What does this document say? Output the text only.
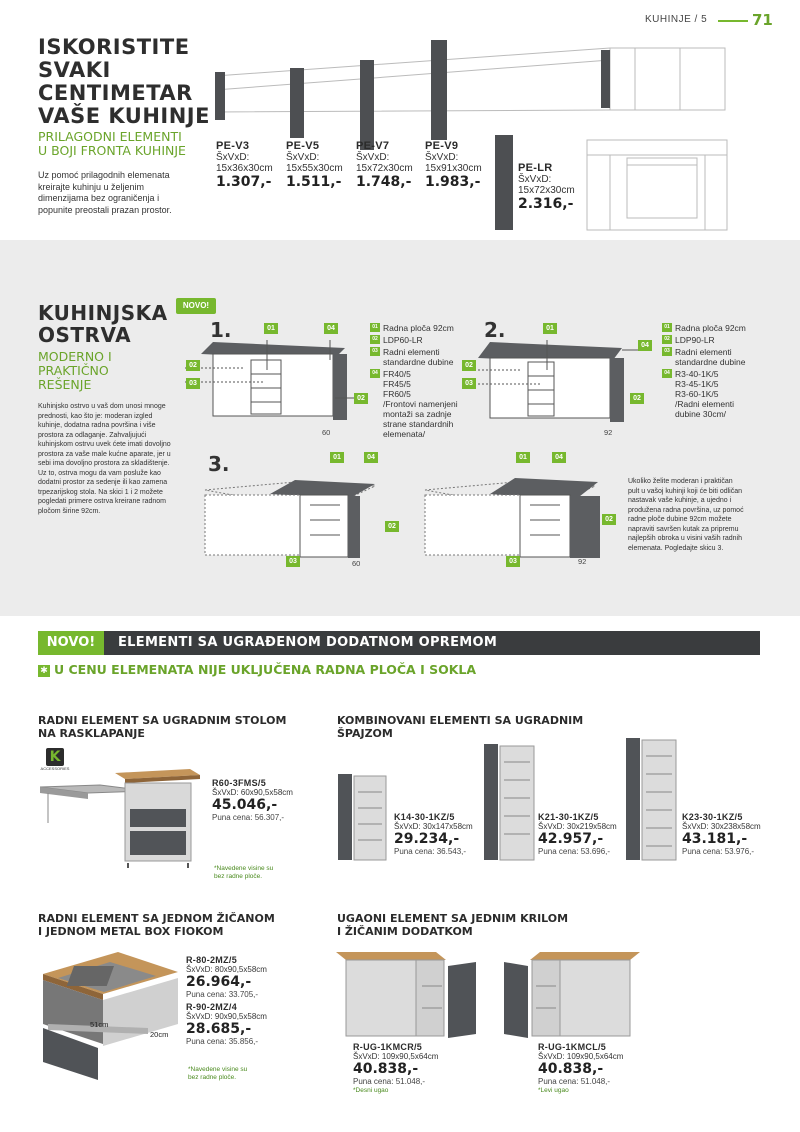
KUHINJE / 5	71
ISKORISTITE
SVAKI
CENTIMETAR
VAŠE KUHINJE
PRILAGODNI ELEMENTI
U BOJI FRONTA KUHINJE
Uz pomoć prilagodnih elemenata
kreirajte kuhinju u željenim
dimenzijama bez ograničenja i
popunite preostali prazan prostor.
PE-V3
ŠxVxD:
15x36x30cm
1.307,-
PE-V5
ŠxVxD:
15x55x30cm
1.511,-
PE-V7
ŠxVxD:
15x72x30cm
1.748,-
PE-V9
ŠxVxD:
15x91x30cm
1.983,-
PE-LR
ŠxVxD:
15x72x30cm
2.316,-
KUHINJSKA
OSTRVA
NOVO!
MODERNO I
PRAKTIČNO
REŠENJE
Kuhinjsko ostrvo u vaš dom unosi mnoge
prednosti, kao što je: moderan izgled
kuhinje, dodatna radna površina i više
prostora za odlaganje. Zahvaljujući
kuhinjskom ostrvu uvek ćete imati dovoljno
prostora za vaše male kućne aparate, jer u
sebi ima dovoljno prostora za skladištenje.
Uz to, ostrva mogu da vam posluže kao
dodatni prostor za sedenje ili kao zamena
trpezarijskog stola. Na skici 1 i 2 možete
pogledati primere ostrva kreirane radnom
pločom širine 92cm.
1.	01	04
02
03
02
60
01 Radna ploča 92cm
02 LDP60-LR
03 Radni elementi
standardne dubine
04 FR40/5
FR45/5
FR60/5
/Frontovi namenjeni
montaži sa zadnje
strane standardnih
elemenata/
2.	01
04
02
03
02
92
01 Radna ploča 92cm
02 LDP90-LR
03 Radni elementi
standardne dubine
04 R3-40-1K/5
R3-45-1K/5
R3-60-1K/5
/Radni elementi
dubine 30cm/
3.	01	04
02
03	60
01	04
02
03	92
Ukoliko želite moderan i praktičan
pult u vašoj kuhinji koji će biti odličan
nastavak vaše kuhinje, a ujedno i
produžena radna površina, uz pomoć
radne ploče dubine 92cm možete
napraviti savršen kutak za pripremu
najlepših obroka u visini vaših radnih
elemenata. Pogledajte skicu 3.
NOVO!	ELEMENTI SA UGRAĐENOM DODATNOM OPREMOM
✱ U CENU ELEMENATA NIJE UKLJUČENA RADNA PLOČA I SOKLA
RADNI ELEMENT SA UGRADNIM STOLOM
NA RASKLAPANJE
K
ACCESSORIES
R60-3FMS/5
ŠxVxD: 60x90,5x58cm
45.046,-
Puna cena: 56.307,-
*Navedene visine su
bez radne ploče.
KOMBINOVANI ELEMENTI SA UGRADNIM
ŠPAJZOM
K14-30-1KZ/5
ŠxVxD: 30x147x58cm
29.234,-
Puna cena: 36.543,-
K21-30-1KZ/5
ŠxVxD: 30x219x58cm
42.957,-
Puna cena: 53.696,-
K23-30-1KZ/5
ŠxVxD: 30x238x58cm
43.181,-
Puna cena: 53.976,-
RADNI ELEMENT SA JEDNOM ŽIČANOM
I JEDNOM METAL BOX FIOKOM
51cm
20cm
R-80-2MZ/5
ŠxVxD: 80x90,5x58cm
26.964,-
Puna cena: 33.705,-
R-90-2MZ/4
ŠxVxD: 90x90,5x58cm
28.685,-
Puna cena: 35.856,-
*Navedene visine su
bez radne ploče.
UGAONI ELEMENT SA JEDNIM KRILOM
I ŽIČANIM DODATKOM
R-UG-1KMCR/5
ŠxVxD: 109x90,5x64cm
40.838,-
Puna cena: 51.048,-
*Desni ugao
R-UG-1KMCL/5
ŠxVxD: 109x90,5x64cm
40.838,-
Puna cena: 51.048,-
*Levi ugao
